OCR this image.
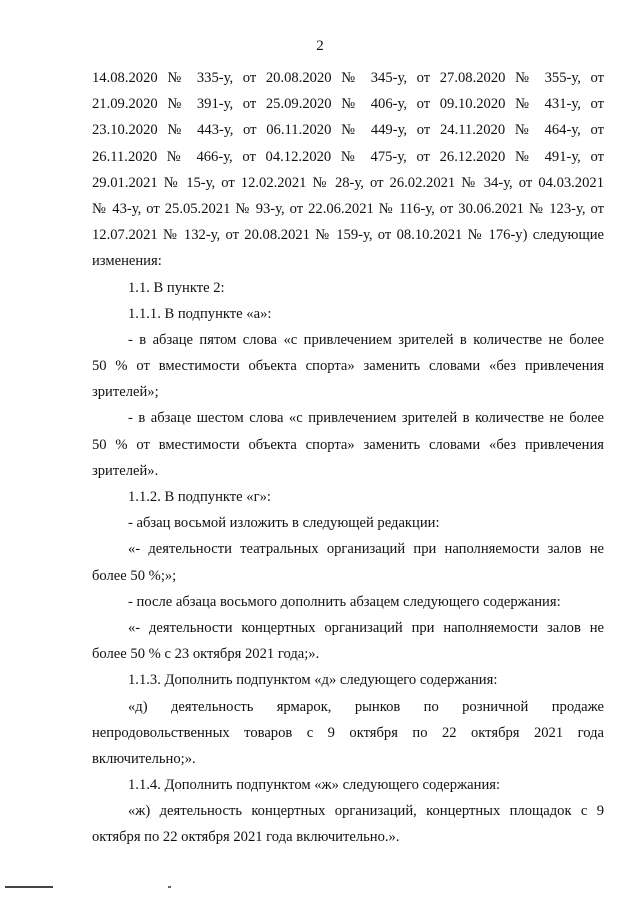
2
14.08.2020 № 335-у, от 20.08.2020 № 345-у, от 27.08.2020 № 355-у, от
21.09.2020 № 391-у, от 25.09.2020 № 406-у, от 09.10.2020 № 431-у, от
23.10.2020 № 443-у, от 06.11.2020 № 449-у, от 24.11.2020 № 464-у, от
26.11.2020 № 466-у, от 04.12.2020 № 475-у, от 26.12.2020 № 491-у, от
29.01.2021 № 15-у, от 12.02.2021 № 28-у, от 26.02.2021 № 34-у, от 04.03.2021
№ 43-у, от 25.05.2021 № 93-у, от 22.06.2021 № 116-у, от 30.06.2021 № 123-у, от
12.07.2021 № 132-у, от 20.08.2021 № 159-у, от 08.10.2021 № 176-у) следующие
изменения:
1.1. В пункте 2:
1.1.1. В подпункте «а»:
- в абзаце пятом слова «с привлечением зрителей в количестве не более
50 % от вместимости объекта спорта» заменить словами «без привлечения
зрителей»;
- в абзаце шестом слова «с привлечением зрителей в количестве не более
50 % от вместимости объекта спорта» заменить словами «без привлечения
зрителей».
1.1.2. В подпункте «г»:
- абзац восьмой изложить в следующей редакции:
«- деятельности театральных организаций при наполняемости залов не
более 50 %;»;
- после абзаца восьмого дополнить абзацем следующего содержания:
«- деятельности концертных организаций при наполняемости залов не
более 50 % с 23 октября 2021 года;».
1.1.3. Дополнить подпунктом «д» следующего содержания:
«д) деятельность ярмарок, рынков по розничной продаже
непродовольственных товаров с 9 октября по 22 октября 2021 года
включительно;».
1.1.4. Дополнить подпунктом «ж» следующего содержания:
«ж) деятельность концертных организаций, концертных площадок с 9
октября по 22 октября 2021 года включительно.».
